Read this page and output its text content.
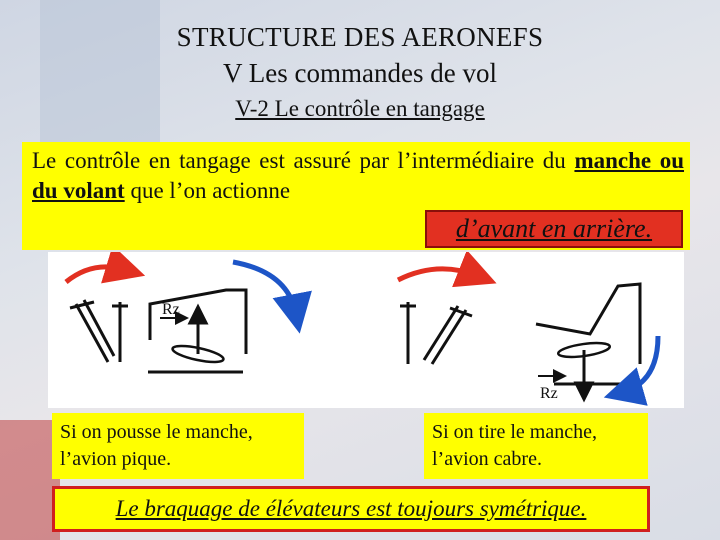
STRUCTURE DES AERONEFS
V Les commandes de vol
V-2 Le contrôle en tangage
Le contrôle en tangage est assuré par l’intermédiaire du manche ou du volant que l’on actionne
d’avant en arrière.
Rz
Rz
Si on pousse le manche, l’avion pique.
Si on tire le manche, l’avion cabre.
Le braquage de élévateurs est toujours symétrique.
